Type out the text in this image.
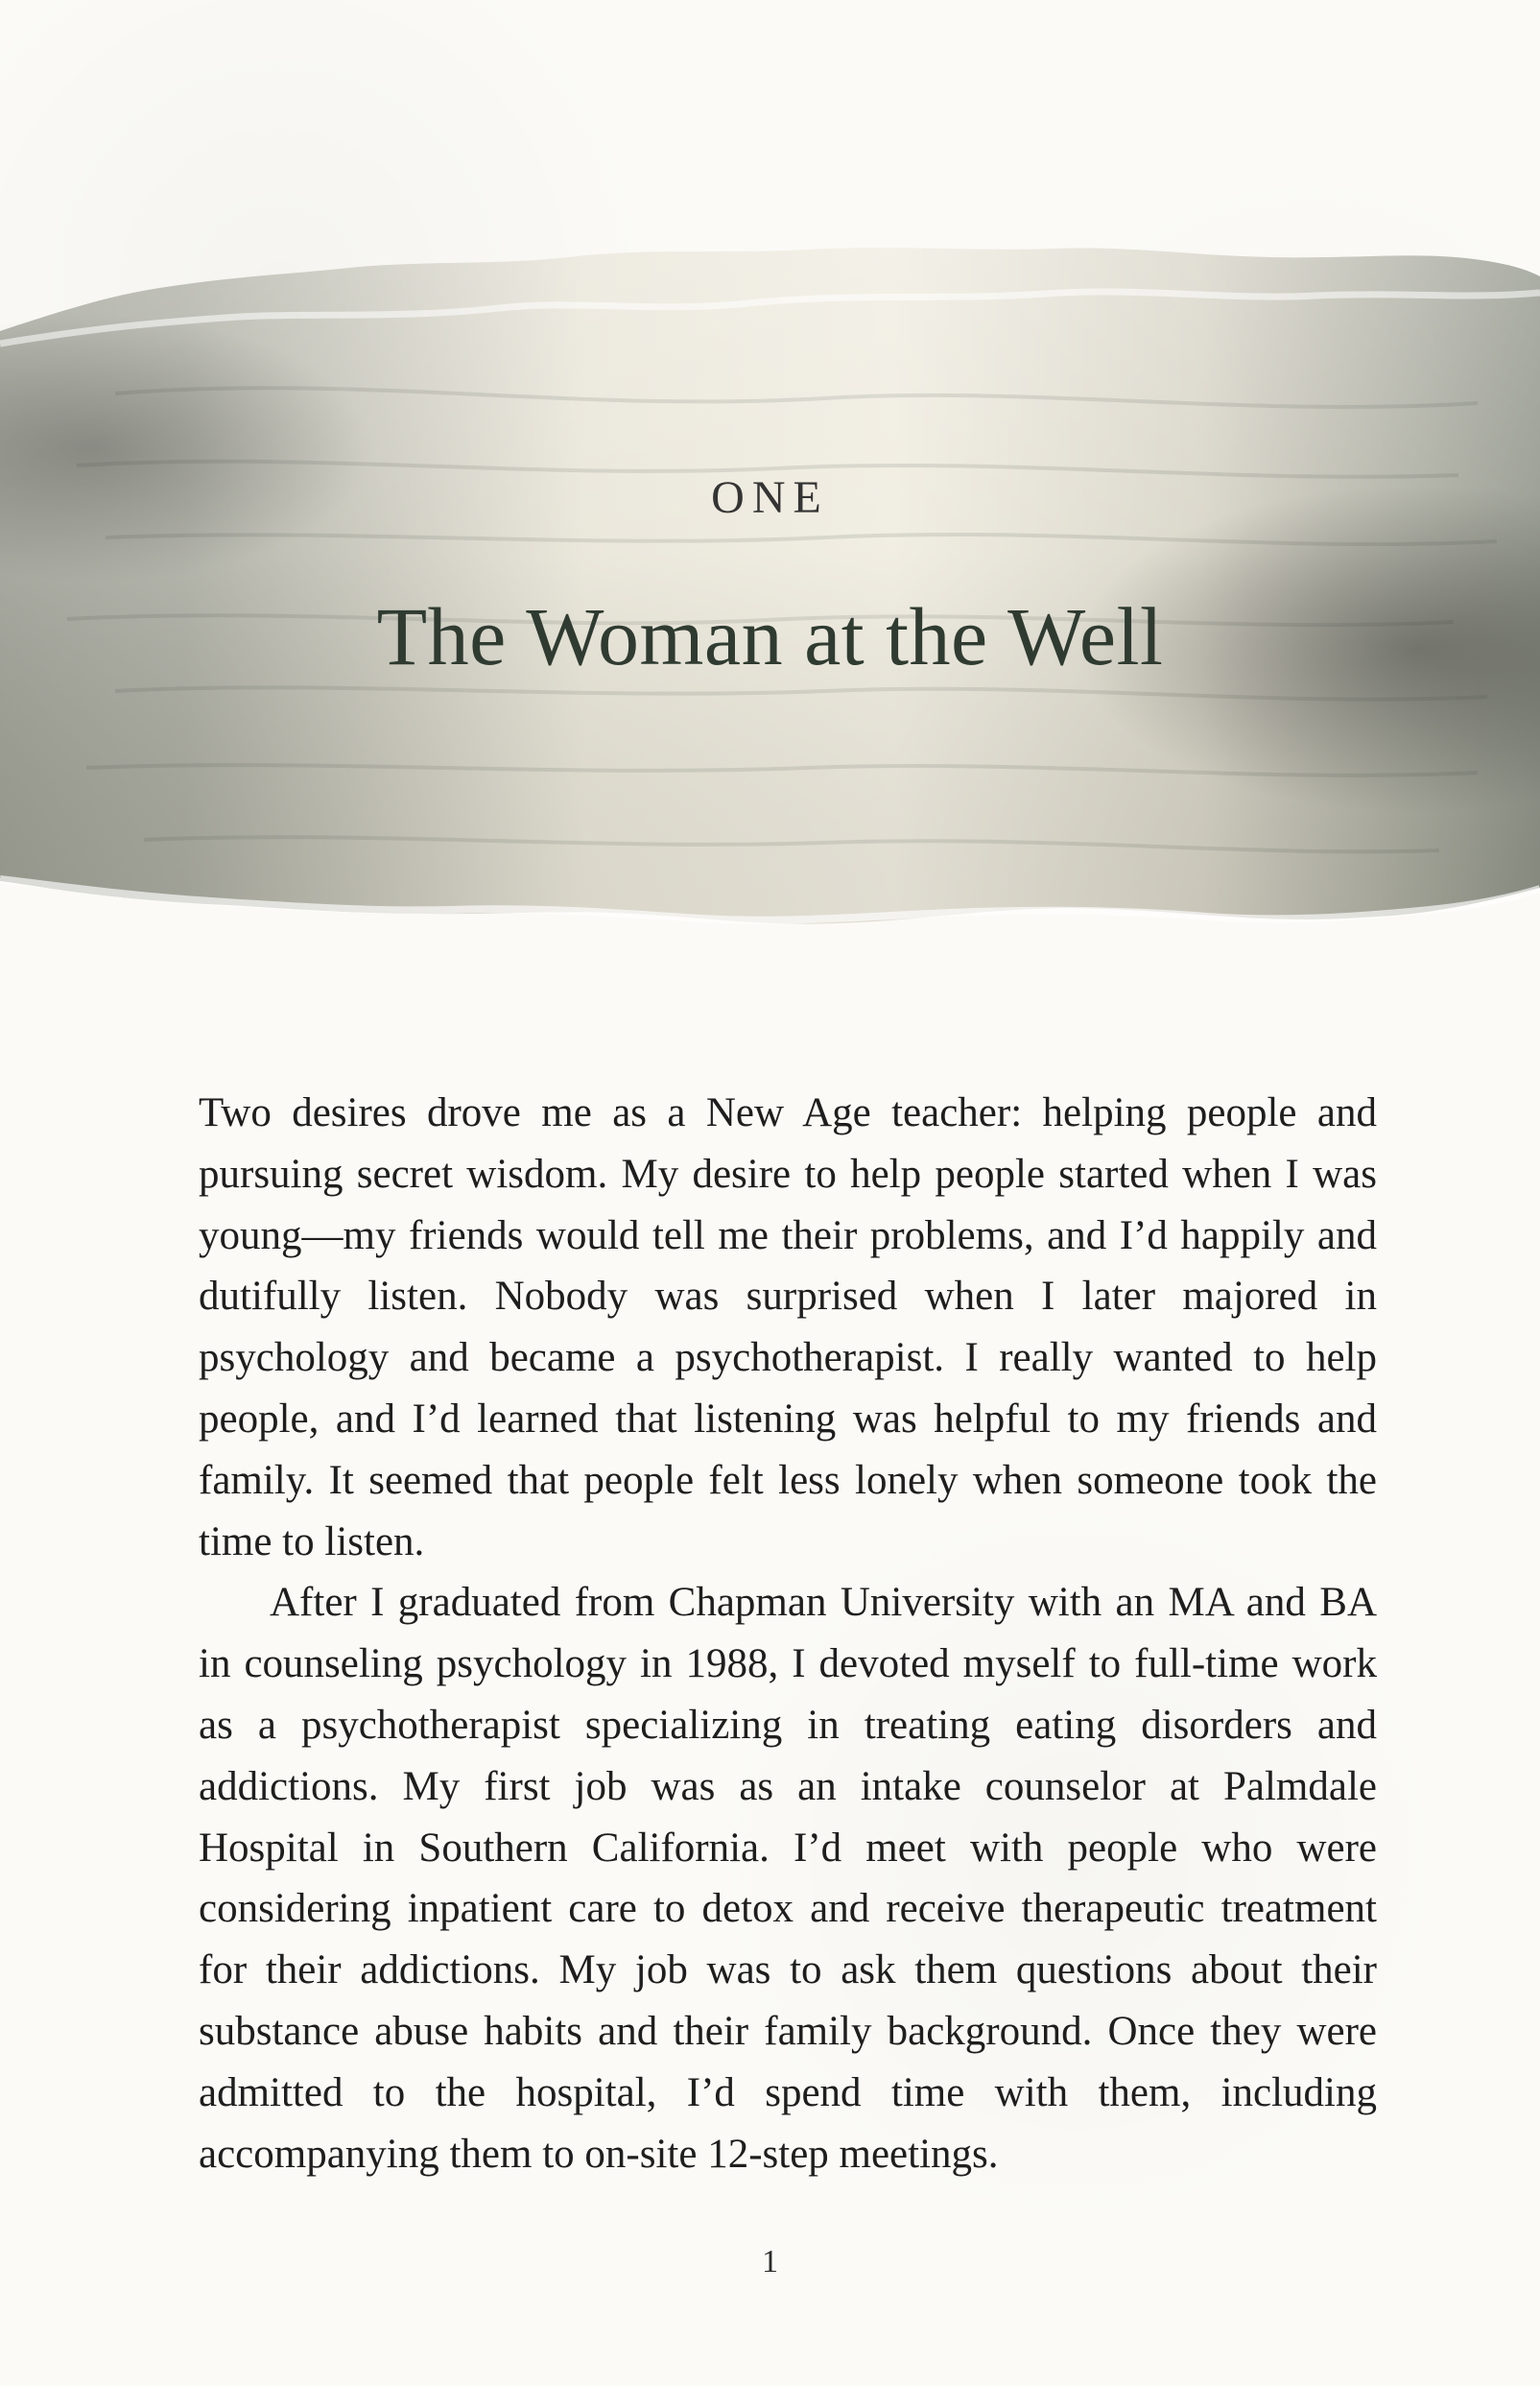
ONE
The Woman at the Well

Two desires drove me as a New Age teacher: helping people and pursuing secret wisdom. My desire to help people started when I was young—my friends would tell me their problems, and I’d happily and dutifully listen. Nobody was surprised when I later majored in psychology and became a psychotherapist. I really wanted to help people, and I’d learned that listening was helpful to my friends and family. It seemed that people felt less lonely when someone took the time to listen.

After I graduated from Chapman University with an MA and BA in counseling psychology in 1988, I devoted myself to full-time work as a psychotherapist specializing in treating eating disorders and addictions. My first job was as an intake counselor at Palmdale Hospital in Southern California. I’d meet with people who were considering inpatient care to detox and receive therapeutic treatment for their addictions. My job was to ask them questions about their substance abuse habits and their family background. Once they were admitted to the hospital, I’d spend time with them, including accompanying them to on-site 12-step meetings.

1
